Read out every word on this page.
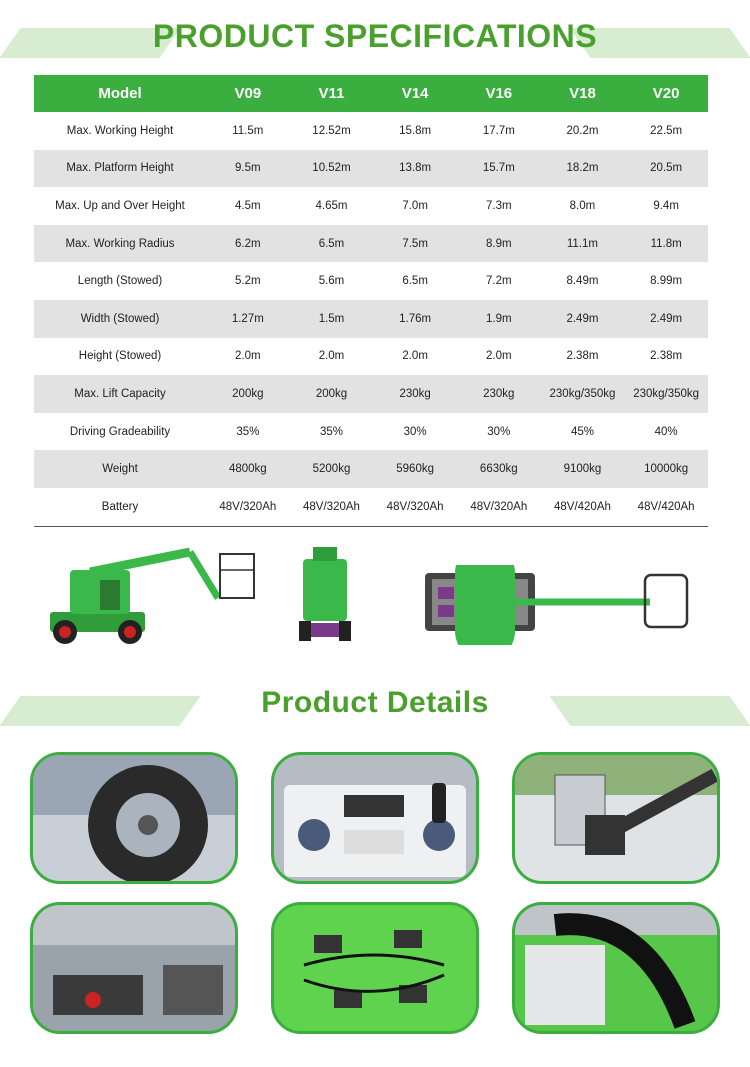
PRODUCT SPECIFICATIONS
Model	V09	V11	V14	V16	V18	V20
Max. Working Height	11.5m	12.52m	15.8m	17.7m	20.2m	22.5m
Max. Platform Height	9.5m	10.52m	13.8m	15.7m	18.2m	20.5m
Max. Up and Over Height	4.5m	4.65m	7.0m	7.3m	8.0m	9.4m
Max. Working Radius	6.2m	6.5m	7.5m	8.9m	11.1m	11.8m
Length (Stowed)	5.2m	5.6m	6.5m	7.2m	8.49m	8.99m
Width (Stowed)	1.27m	1.5m	1.76m	1.9m	2.49m	2.49m
Height (Stowed)	2.0m	2.0m	2.0m	2.0m	2.38m	2.38m
Max. Lift Capacity	200kg	200kg	230kg	230kg	230kg/350kg	230kg/350kg
Driving Gradeability	35%	35%	30%	30%	45%	40%
Weight	4800kg	5200kg	5960kg	6630kg	9100kg	10000kg
Battery	48V/320Ah	48V/320Ah	48V/320Ah	48V/320Ah	48V/420Ah	48V/420Ah
Product Details
